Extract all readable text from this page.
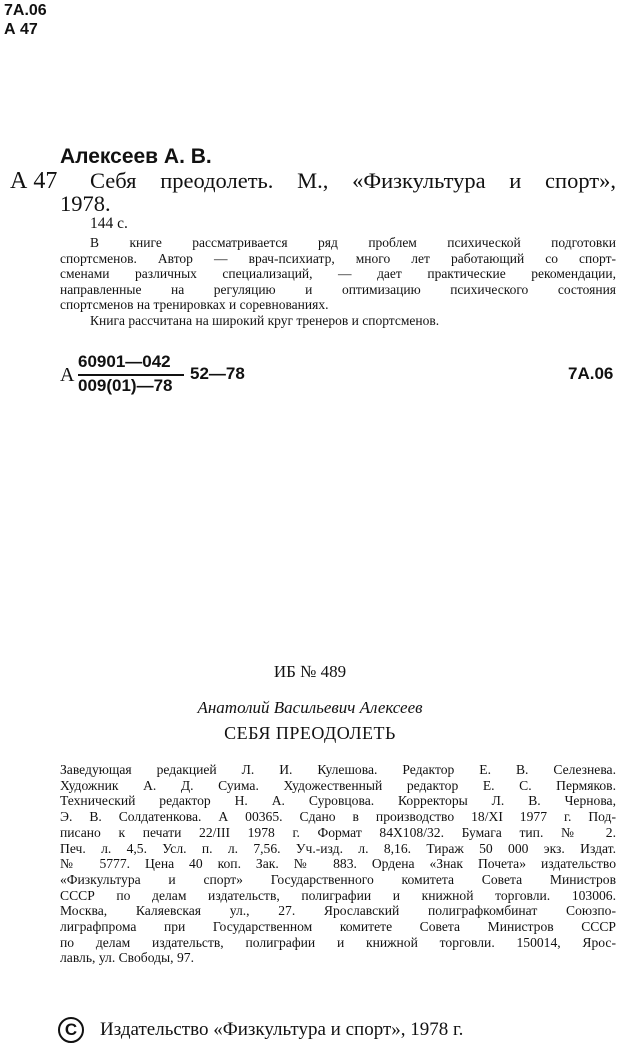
7А.06
А 47
Алексеев А. В.
А 47 Себя преодолеть. М., «Физкультура и спорт»,
1978.
144 с.
В книге рассматривается ряд проблем психической подготовки
спортсменов. Автор — врач-психиатр, много лет работающий со спорт-
сменами различных специализаций, — дает практические рекомендации,
направленные на регуляцию и оптимизацию психического состояния
спортсменов на тренировках и соревнованиях.
Книга рассчитана на широкий круг тренеров и спортсменов.
А
60901—042
009(01)—78
52—78	7А.06
ИБ № 489
Анатолий Васильевич Алексеев
СЕБЯ ПРЕОДОЛЕТЬ
Заведующая редакцией Л. И. Кулешова. Редактор Е. В. Селезнева.
Художник А. Д. Суима. Художественный редактор Е. С. Пермяков.
Технический редактор Н. А. Суровцова. Корректоры Л. В. Чернова,
Э. В. Солдатенкова. А 00365. Сдано в производство 18/XI 1977 г. Под-
писано к печати 22/III 1978 г. Формат 84Х108/32. Бумага тип. № 2.
Печ. л. 4,5. Усл. п. л. 7,56. Уч.-изд. л. 8,16. Тираж 50 000 экз. Издат.
№ 5777. Цена 40 коп. Зак. № 883. Ордена «Знак Почета» издательство
«Физкультура и спорт» Государственного комитета Совета Министров
СССР по делам издательств, полиграфии и книжной торговли. 103006.
Москва, Каляевская ул., 27. Ярославский полиграфкомбинат Союзпо-
лиграфпрома при Государственном комитете Совета Министров СССР
по делам издательств, полиграфии и книжной торговли. 150014, Ярос-
лавль, ул. Свободы, 97.
C	Издательство «Физкультура и спорт», 1978 г.
